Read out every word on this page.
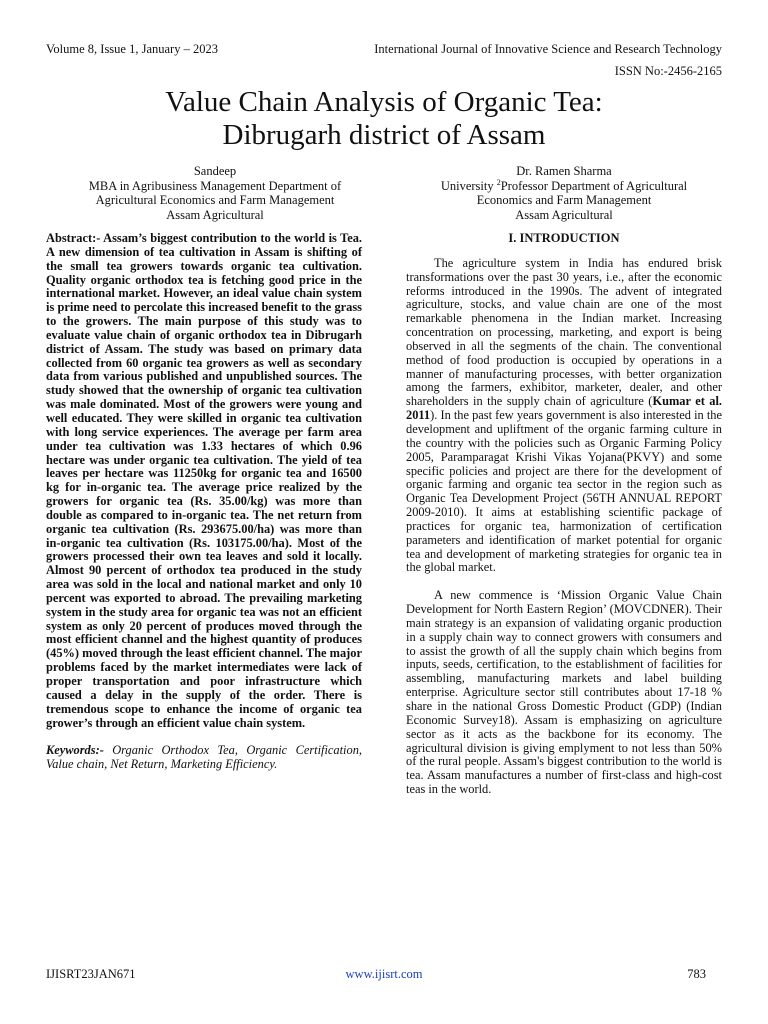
Volume 8, Issue 1, January – 2023	International Journal of Innovative Science and Research Technology
ISSN No:-2456-2165
Value Chain Analysis of Organic Tea:
Dibrugarh district of Assam
Sandeep
MBA in Agribusiness Management Department of
Agricultural Economics and Farm Management
Assam Agricultural
Dr. Ramen Sharma
University $^2$Professor Department of Agricultural
Economics and Farm Management
Assam Agricultural

Abstract:- Assam’s biggest contribution to the world is Tea. A new dimension of tea cultivation in Assam is shifting of the small tea growers towards organic tea cultivation. Quality organic orthodox tea is fetching good price in the international market. However, an ideal value chain system is prime need to percolate this increased benefit to the grass to the growers. The main purpose of this study was to evaluate value chain of organic orthodox tea in Dibrugarh district of Assam. The study was based on primary data collected from 60 organic tea growers as well as secondary data from various published and unpublished sources. The study showed that the ownership of organic tea cultivation was male dominated. Most of the growers were young and well educated. They were skilled in organic tea cultivation with long service experiences. The average per farm area under tea cultivation was 1.33 hectares of which 0.96 hectare was under organic tea cultivation. The yield of tea leaves per hectare was 11250kg for organic tea and 16500 kg for in-organic tea. The average price realized by the growers for organic tea (Rs. 35.00/kg) was more than double as compared to in-organic tea. The net return from organic tea cultivation (Rs. 293675.00/ha) was more than in-organic tea cultivation (Rs. 103175.00/ha). Most of the growers processed their own tea leaves and sold it locally. Almost 90 percent of orthodox tea produced in the study area was sold in the local and national market and only 10 percent was exported to abroad. The prevailing marketing system in the study area for organic tea was not an efficient system as only 20 percent of produces moved through the most efficient channel and the highest quantity of produces (45%) moved through the least efficient channel. The major problems faced by the market intermediates were lack of proper transportation and poor infrastructure which caused a delay in the supply of the order. There is tremendous scope to enhance the income of organic tea grower’s through an efficient value chain system.

Keywords:- Organic Orthodox Tea, Organic Certification, Value chain, Net Return, Marketing Efficiency.

I. INTRODUCTION

The agriculture system in India has endured brisk transformations over the past 30 years, i.e., after the economic reforms introduced in the 1990s. The advent of integrated agriculture, stocks, and value chain are one of the most remarkable phenomena in the Indian market. Increasing concentration on processing, marketing, and export is being observed in all the segments of the chain. The conventional method of food production is occupied by operations in a manner of manufacturing processes, with better organization among the farmers, exhibitor, marketer, dealer, and other shareholders in the supply chain of agriculture (Kumar et al. 2011). In the past few years government is also interested in the development and upliftment of the organic farming culture in the country with the policies such as Organic Farming Policy 2005, Paramparagat Krishi Vikas Yojana(PKVY) and some specific policies and project are there for the development of organic farming and organic tea sector in the region such as Organic Tea Development Project (56TH ANNUAL REPORT 2009-2010). It aims at establishing scientific package of practices for organic tea, harmonization of certification parameters and identification of market potential for organic tea and development of marketing strategies for organic tea in the global market.

A new commence is ‘Mission Organic Value Chain Development for North Eastern Region’ (MOVCDNER). Their main strategy is an expansion of validating organic production in a supply chain way to connect growers with consumers and to assist the growth of all the supply chain which begins from inputs, seeds, certification, to the establishment of facilities for assembling, manufacturing markets and label building enterprise. Agriculture sector still contributes about 17-18 % share in the national Gross Domestic Product (GDP) (Indian Economic Survey18). Assam is emphasizing on agriculture sector as it acts as the backbone for its economy. The agricultural division is giving emplyment to not less than 50% of the rural people. Assam's biggest contribution to the world is tea. Assam manufactures a number of first-class and high-cost teas in the world.

IJISRT23JAN671	www.ijisrt.com	783
